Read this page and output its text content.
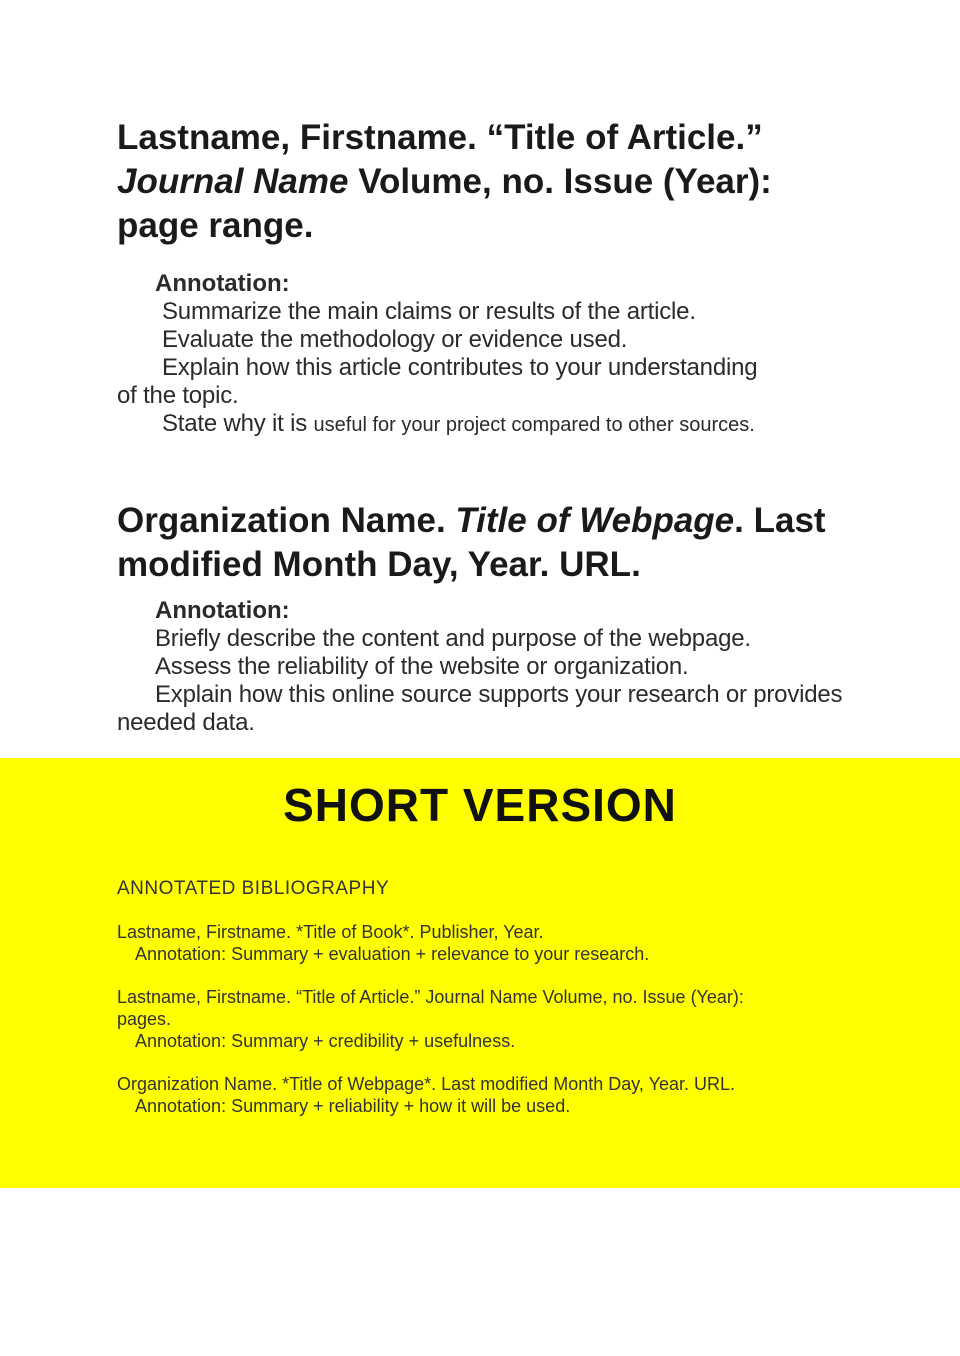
Lastname, Firstname. “Title of Article.”
Journal Name Volume, no. Issue (Year):
page range.

Annotation:

Summarize the main claims or results of the article.

Evaluate the methodology or evidence used.

Explain how this article contributes to your understanding

of the topic.

State why it is useful for your project compared to other sources.

Organization Name. Title of Webpage. Last
modified Month Day, Year. URL.

Annotation:

Briefly describe the content and purpose of the webpage.

Assess the reliability of the website or organization.

Explain how this online source supports your research or provides

needed data.

SHORT VERSION

ANNOTATED BIBLIOGRAPHY

Lastname, Firstname. *Title of Book*. Publisher, Year.

Annotation: Summary + evaluation + relevance to your research.

Lastname, Firstname. “Title of Article.” Journal Name Volume, no. Issue (Year):

pages.

Annotation: Summary + credibility + usefulness.

Organization Name. *Title of Webpage*. Last modified Month Day, Year. URL.

Annotation: Summary + reliability + how it will be used.
